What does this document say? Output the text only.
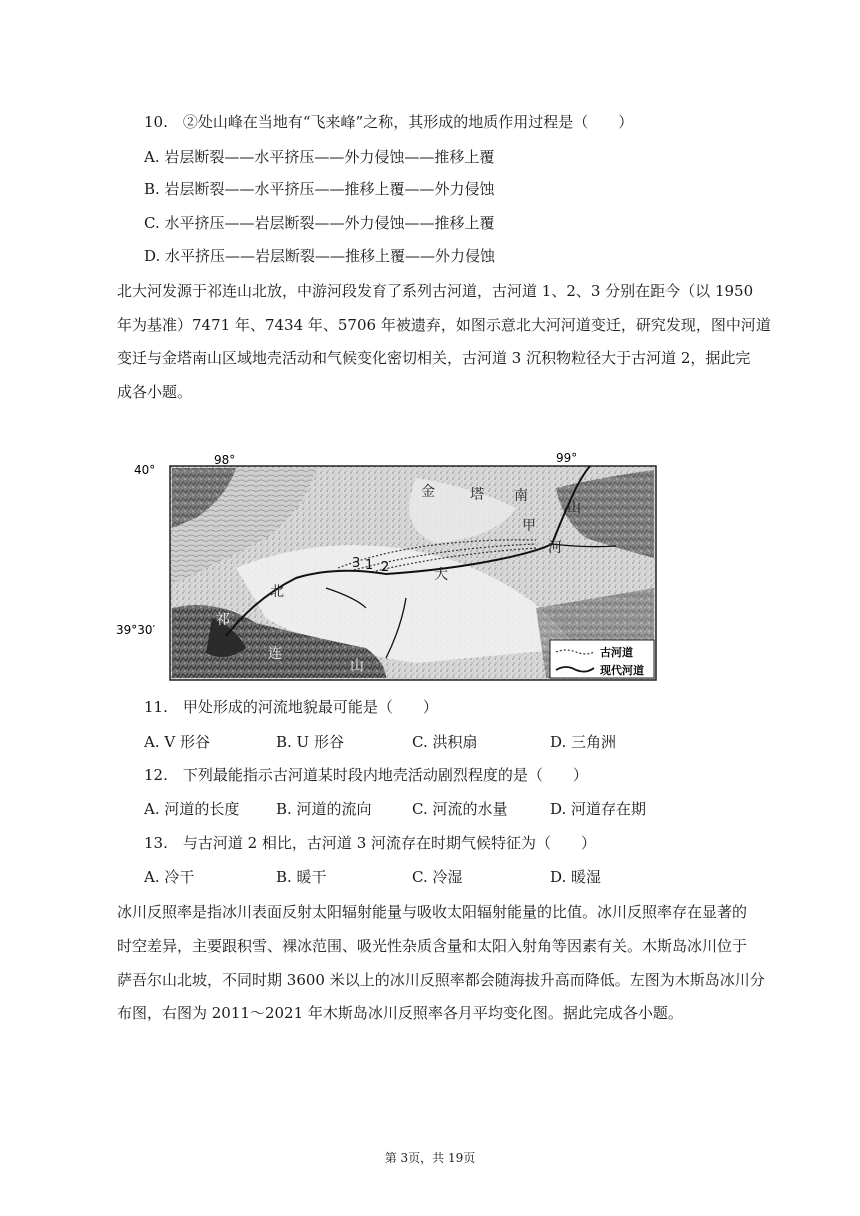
10.　②处山峰在当地有“飞来峰”之称，其形成的地质作用过程是（　　）
A. 岩层断裂——水平挤压——外力侵蚀——推移上覆
B. 岩层断裂——水平挤压——推移上覆——外力侵蚀
C. 水平挤压——岩层断裂——外力侵蚀——推移上覆
D. 水平挤压——岩层断裂——推移上覆——外力侵蚀
北大河发源于祁连山北放，中游河段发育了系列古河道，古河道 1、2、3 分别在距今（以 1950
年为基准）7471 年、7434 年、5706 年被遗弃，如图示意北大河河道变迁，研究发现，图中河道
变迁与金塔南山区域地壳活动和气候变化密切相关，古河道 3 沉积物粒径大于古河道 2，据此完
成各小题。
98°	99°
40°
39°30′
金	塔 南
山
甲
河
大
北
祁
连
山
3 1 2
古河道
现代河道
11.　甲处形成的河流地貌最可能是（　　）
A. V 形谷	B. U 形谷	C. 洪积扇	D. 三角洲
12.　下列最能指示古河道某时段内地壳活动剧烈程度的是（　　）
A. 河道的长度 B. 河道的流向	C. 河流的水量	D. 河道存在期
13.　与古河道 2 相比，古河道 3 河流存在时期气候特征为（　　）
A. 冷干	B. 暖干	C. 冷湿	D. 暖湿
冰川反照率是指冰川表面反射太阳辐射能量与吸收太阳辐射能量的比值。冰川反照率存在显著的
时空差异，主要跟积雪、裸冰范围、吸光性杂质含量和太阳入射角等因素有关。木斯岛冰川位于
萨吾尔山北坡，不同时期 3600 米以上的冰川反照率都会随海拔升高而降低。左图为木斯岛冰川分
布图，右图为 2011～2021 年木斯岛冰川反照率各月平均变化图。据此完成各小题。
第 3页，共 19页
